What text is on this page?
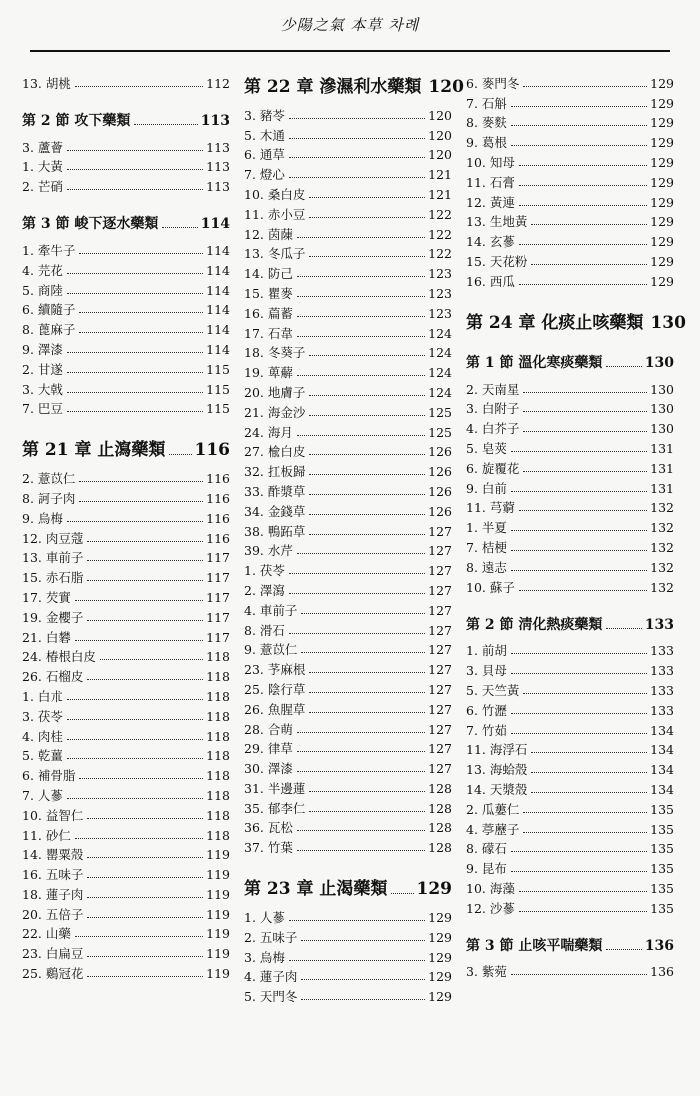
少陽之氣 本草 차례
13. 胡桃	112
第 2 節 攻下藥類	113
3. 蘆薈	113
1. 大黃	113
2. 芒硝	113
第 3 節 峻下逐水藥類	114
1. 牽牛子	114
4. 芫花	114
5. 商陸	114
6. 續隨子	114
8. 蓖麻子	114
9. 澤漆	114
2. 甘遂	115
3. 大戟	115
7. 巴豆	115
第 21 章 止瀉藥類 116
2. 薏苡仁	116
8. 訶子肉	116
9. 烏梅	116
12. 肉豆蔻	116
13. 車前子	117
15. 赤石脂	117
17. 芡實	117
19. 金櫻子	117
21. 白礬	117
24. 椿根白皮	118
26. 石榴皮	118
1. 白朮	118
3. 茯苓	118
4. 肉桂	118
5. 乾薑	118
6. 補骨脂	118
7. 人蔘	118
10. 益智仁	118
11. 砂仁	118
14. 罌粟殼	119
16. 五味子	119
18. 蓮子肉	119
20. 五倍子	119
22. 山藥	119
23. 白扁豆	119
25. 鷄冠花	119
第 22 章 滲濕利水藥類 120
3. 豬苓	120
5. 木通	120
6. 通草	120
7. 燈心	121
10. 桑白皮	121
11. 赤小豆	122
12. 茵蔯	122
13. 冬瓜子	122
14. 防己	123
15. 瞿麥	123
16. 萹蓄	123
17. 石韋	124
18. 冬葵子	124
19. 萆薢	124
20. 地膚子	124
21. 海金沙	125
24. 海月	125
27. 楡白皮	126
32. 扛板歸	126
33. 酢漿草	126
34. 金錢草	126
38. 鴨跖草	127
39. 水芹	127
1. 茯苓	127
2. 澤瀉	127
4. 車前子	127
8. 滑石	127
9. 薏苡仁	127
23. 芧麻根	127
25. 陰行草	127
26. 魚腥草	127
28. 合萌	127
29. 律草	127
30. 澤漆	127
31. 半邊蓮	128
35. 郁李仁	128
36. 瓦松	128
37. 竹葉	128
第 23 章 止渴藥類 129
1. 人蔘	129
2. 五味子	129
3. 烏梅	129
4. 蓮子肉	129
5. 天門冬	129
6. 麥門冬	129
7. 石斛	129
8. 麥麩	129
9. 葛根	129
10. 知母	129
11. 石膏	129
12. 黃連	129
13. 生地黃	129
14. 玄蔘	129
15. 天花粉	129
16. 西瓜	129
第 24 章 化痰止咳藥類 130
第 1 節 溫化寒痰藥類	130
2. 天南星	130
3. 白附子	130
4. 白芥子	130
5. 皂莢	131
6. 旋覆花	131
9. 白前	131
11. 芎藭	132
1. 半夏	132
7. 桔梗	132
8. 遠志	132
10. 蘇子	132
第 2 節 淸化熱痰藥類	133
1. 前胡	133
3. 貝母	133
5. 天竺黃	133
6. 竹瀝	133
7. 竹茹	134
11. 海浮石	134
13. 海蛤殼	134
14. 天漿殼	134
2. 瓜蔞仁	135
4. 葶藶子	135
8. 礞石	135
9. 昆布	135
10. 海藻	135
12. 沙蔘	135
第 3 節 止咳平喘藥類	136
3. 紫菀	136
